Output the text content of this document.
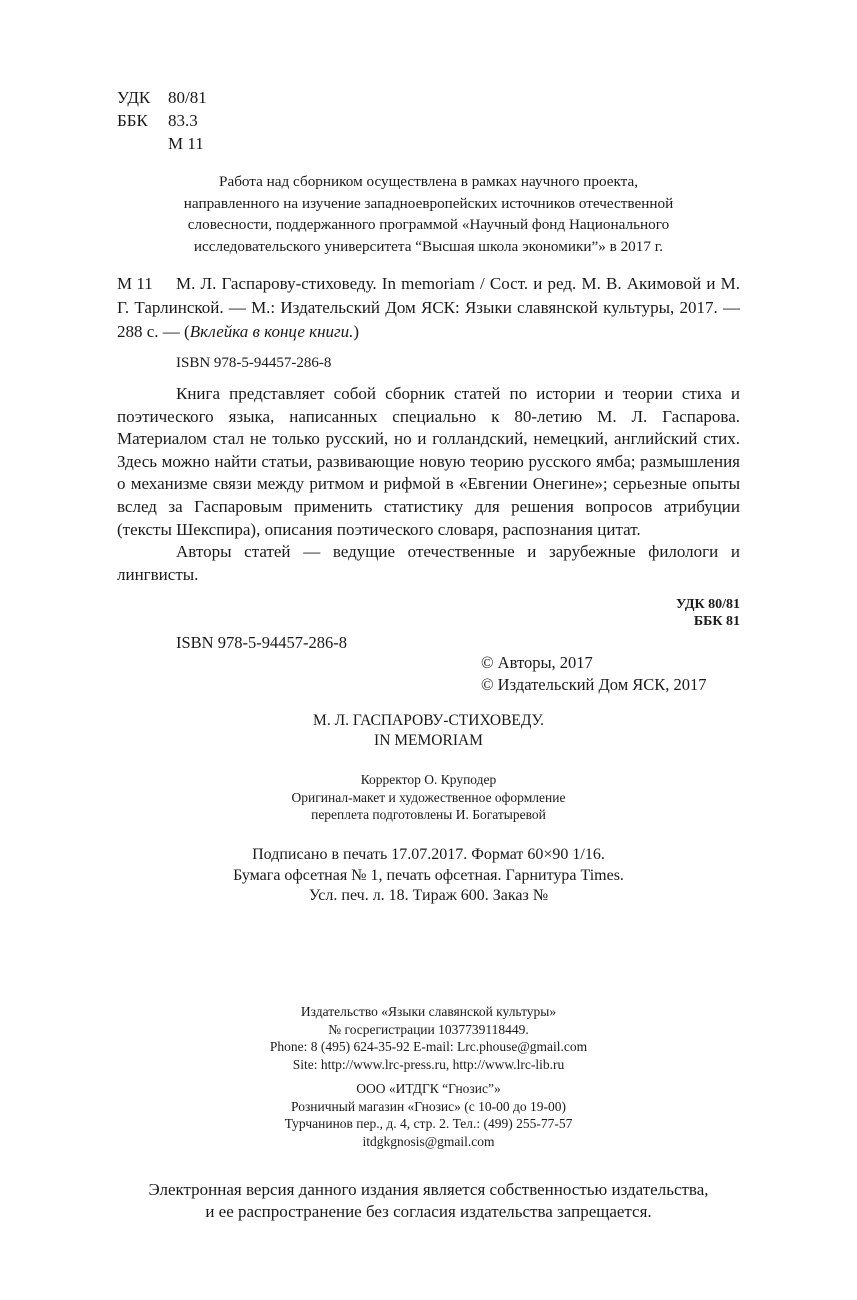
УДК 80/81
ББК 83.3
М 11
Работа над сборником осуществлена в рамках научного проекта,
направленного на изучение западноевропейских источников отечественной
словесности, поддержанного программой «Научный фонд Национального
исследовательского университета “Высшая школа экономики”» в 2017 г.
М 11	М. Л. Гаспарову-стиховеду. In memoriam / Сост. и ред. М. В. Акимовой и М. Г. Тарлинской. — М.: Издательский Дом ЯСК: Языки славянской культуры, 2017. — 288 с. — (Вклейка в конце книги.)
ISBN 978-5-94457-286-8

Книга представляет собой сборник статей по истории и теории стиха и поэтического языка, написанных специально к 80-летию М. Л. Гаспарова. Материалом стал не только русский, но и голландский, немецкий, английский стих. Здесь можно найти статьи, развивающие новую теорию русского ямба; размышления о механизме связи между ритмом и рифмой в «Евгении Онегине»; серьезные опыты вслед за Гаспаровым применить статистику для решения вопросов атрибуции (тексты Шекспира), описания поэтического словаря, распознания цитат.

Авторы статей — ведущие отечественные и зарубежные филологи и лингвисты.

УДК 80/81
ББК 81
ISBN 978-5-94457-286-8
© Авторы, 2017
© Издательский Дом ЯСК, 2017
М. Л. ГАСПАРОВУ-СТИХОВЕДУ.
IN MEMORIAM
Корректор О. Круподер
Оригинал-макет и художественное оформление
переплета подготовлены И. Богатыревой
Подписано в печать 17.07.2017. Формат 60×90 1/16.
Бумага офсетная № 1, печать офсетная. Гарнитура Times.
Усл. печ. л. 18. Тираж 600. Заказ №
Издательство «Языки славянской культуры»
№ госрегистрации 1037739118449.
Phone: 8 (495) 624-35-92 E-mail: Lrc.phouse@gmail.com
Site: http://www.lrc-press.ru, http://www.lrc-lib.ru
ООО «ИТДГК “Гнозис”»
Розничный магазин «Гнозис» (с 10-00 до 19-00)
Турчанинов пер., д. 4, стр. 2. Тел.: (499) 255-77-57
itdgkgnosis@gmail.com
Электронная версия данного издания является собственностью издательства,
и ее распространение без согласия издательства запрещается.
